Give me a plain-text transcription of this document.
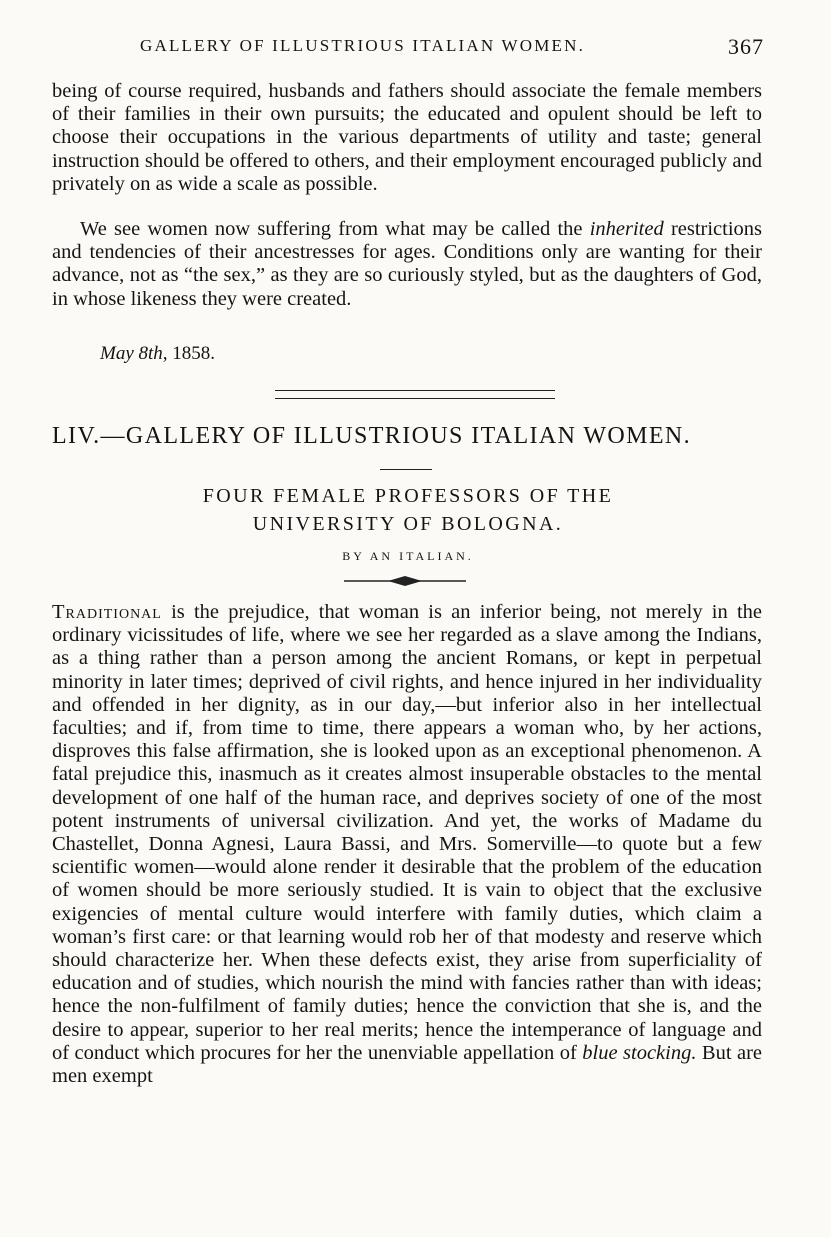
GALLERY OF ILLUSTRIOUS ITALIAN WOMEN.	367

being of course required, husbands and fathers should associate the female members of their families in their own pursuits; the educated and opulent should be left to choose their occupations in the various departments of utility and taste; general instruction should be offered to others, and their employment encouraged publicly and privately on as wide a scale as possible.

We see women now suffering from what may be called the inherited restrictions and tendencies of their ancestresses for ages. Conditions only are wanting for their advance, not as “the sex,” as they are so curiously styled, but as the daughters of God, in whose likeness they were created.

May 8th, 1858.
LIV.—GALLERY OF ILLUSTRIOUS ITALIAN WOMEN.
FOUR FEMALE PROFESSORS OF THE
UNIVERSITY OF BOLOGNA.
BY AN ITALIAN.

Traditional is the prejudice, that woman is an inferior being, not merely in the ordinary vicissitudes of life, where we see her regarded as a slave among the Indians, as a thing rather than a person among the ancient Romans, or kept in perpetual minority in later times; deprived of civil rights, and hence injured in her individuality and offended in her dignity, as in our day,—but inferior also in her intellectual faculties; and if, from time to time, there appears a woman who, by her actions, disproves this false affirmation, she is looked upon as an exceptional phenomenon. A fatal prejudice this, inasmuch as it creates almost insuperable obstacles to the mental development of one half of the human race, and deprives society of one of the most potent instruments of universal civilization. And yet, the works of Madame du Chastellet, Donna Agnesi, Laura Bassi, and Mrs. Somerville—to quote but a few scientific women—would alone render it desirable that the problem of the education of women should be more seriously studied. It is vain to object that the exclusive exigencies of mental culture would interfere with family duties, which claim a woman’s first care: or that learning would rob her of that modesty and reserve which should characterize her. When these defects exist, they arise from superficiality of education and of studies, which nourish the mind with fancies rather than with ideas; hence the non-fulfilment of family duties; hence the conviction that she is, and the desire to appear, superior to her real merits; hence the intemperance of language and of conduct which procures for her the unenviable appellation of blue stocking. But are men exempt
